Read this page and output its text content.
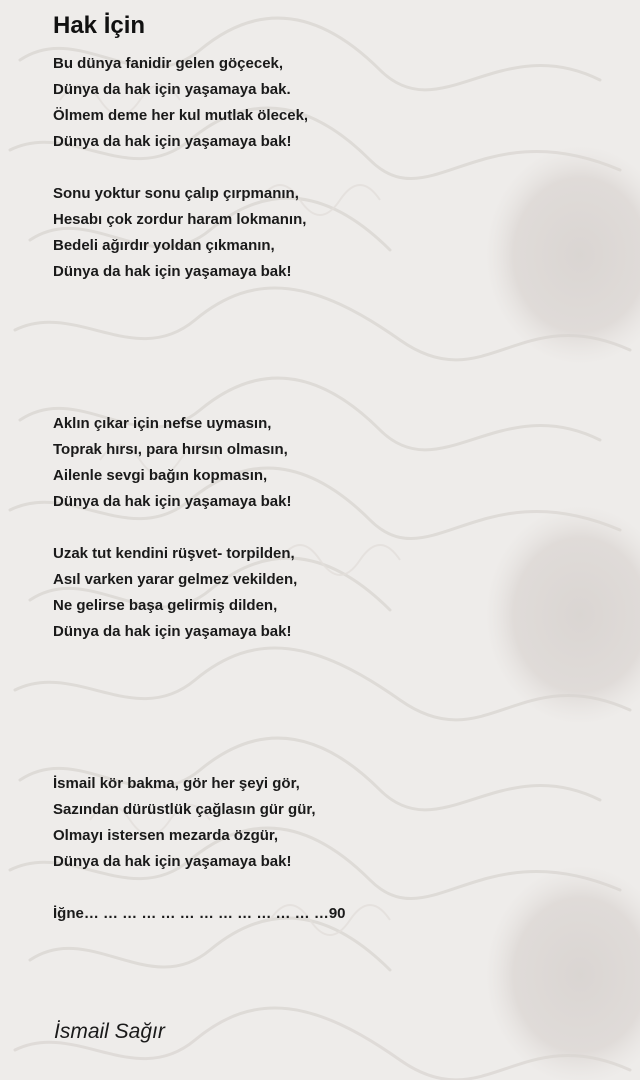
Hak İçin
Bu dünya fanidir gelen göçecek,
Dünya da hak için yaşamaya bak.
Ölmem deme her kul mutlak ölecek,
Dünya da hak için yaşamaya bak!
Sonu yoktur sonu çalıp çırpmanın,
Hesabı çok zordur haram lokmanın,
Bedeli ağırdır yoldan çıkmanın,
Dünya da hak için yaşamaya bak!
Aklın çıkar için nefse uymasın,
Toprak hırsı, para hırsın olmasın,
Ailenle sevgi bağın kopmasın,
Dünya da hak için yaşamaya bak!
Uzak tut kendini rüşvet- torpilden,
Asıl varken yarar gelmez vekilden,
Ne gelirse başa gelirmiş dilden,
Dünya da hak için yaşamaya bak!
İsmail kör bakma, gör her şeyi gör,
Sazından dürüstlük çağlasın gür gür,
Olmayı istersen mezarda özgür,
Dünya da hak için yaşamaya bak!
İğne… … … … … … … … … … … … …90
İsmail Sağır
